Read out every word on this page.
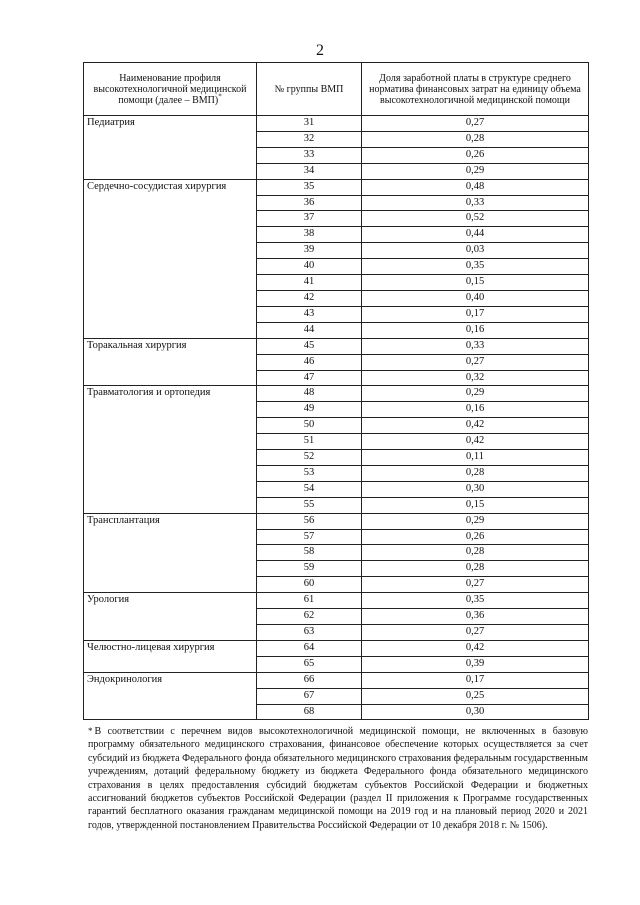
2
Наименование профиля высокотехнологичной медицинской помощи (далее – ВМП)*	№ группы ВМП	Доля заработной платы в структуре среднего норматива финансовых затрат на единицу объема высокотехнологичной медицинской помощи
Педиатрия	31	0,27
	32	0,28
	33	0,26
	34	0,29
Сердечно-сосудистая хирургия	35	0,48
	36	0,33
	37	0,52
	38	0,44
	39	0,03
	40	0,35
	41	0,15
	42	0,40
	43	0,17
	44	0,16
Торакальная хирургия	45	0,33
	46	0,27
	47	0,32
Травматология и ортопедия	48	0,29
	49	0,16
	50	0,42
	51	0,42
	52	0,11
	53	0,28
	54	0,30
	55	0,15
Трансплантация	56	0,29
	57	0,26
	58	0,28
	59	0,28
	60	0,27
Урология	61	0,35
	62	0,36
	63	0,27
Челюстно-лицевая хирургия	64	0,42
	65	0,39
Эндокринология	66	0,17
	67	0,25
	68	0,30
* В соответствии с перечнем видов высокотехнологичной медицинской помощи, не включенных в базовую программу обязательного медицинского страхования, финансовое обеспечение которых осуществляется за счет субсидий из бюджета Федерального фонда обязательного медицинского страхования федеральным государственным учреждениям, дотаций федеральному бюджету из бюджета Федерального фонда обязательного медицинского страхования в целях предоставления субсидий бюджетам субъектов Российской Федерации и бюджетных ассигнований бюджетов субъектов Российской Федерации (раздел II приложения к Программе государственных гарантий бесплатного оказания гражданам медицинской помощи на 2019 год и на плановый период 2020 и 2021 годов, утвержденной постановлением Правительства Российской Федерации от 10 декабря 2018 г. № 1506).
